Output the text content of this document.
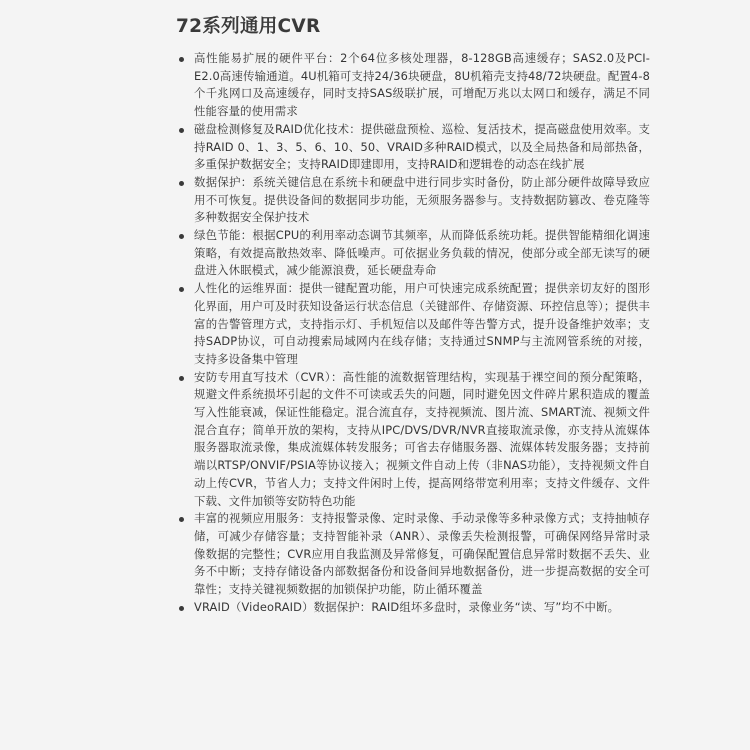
72系列通用CVR
高性能易扩展的硬件平台：2个64位多核处理器，8-128GB高速缓存；SAS2.0及PCI-E2.0高速传输通道。4U机箱可支持24/36块硬盘，8U机箱壳支持48/72块硬盘。配置4-8个千兆网口及高速缓存，同时支持SAS级联扩展，可增配万兆以太网口和缓存，满足不同性能容量的使用需求
磁盘检测修复及RAID优化技术：提供磁盘预检、巡检、复活技术，提高磁盘使用效率。支持RAID 0、1、3、5、6、10、50、VRAID多种RAID模式，以及全局热备和局部热备，多重保护数据安全；支持RAID即建即用，支持RAID和逻辑卷的动态在线扩展
数据保护：系统关键信息在系统卡和硬盘中进行同步实时备份，防止部分硬件故障导致应用不可恢复。提供设备间的数据同步功能，无须服务器参与。支持数据防篡改、卷克隆等多种数据安全保护技术
绿色节能：根据CPU的利用率动态调节其频率，从而降低系统功耗。提供智能精细化调速策略，有效提高散热效率、降低噪声。可依据业务负载的情况，使部分或全部无读写的硬盘进入休眠模式，减少能源浪费，延长硬盘寿命
人性化的运维界面：提供一键配置功能，用户可快速完成系统配置；提供亲切友好的图形化界面，用户可及时获知设备运行状态信息（关键部件、存储资源、环控信息等）；提供丰富的告警管理方式，支持指示灯、手机短信以及邮件等告警方式，提升设备维护效率；支持SADP协议，可自动搜索局域网内在线存储；支持通过SNMP与主流网管系统的对接，支持多设备集中管理
安防专用直写技术（CVR）：高性能的流数据管理结构，实现基于裸空间的预分配策略，规避文件系统损坏引起的文件不可读或丢失的问题，同时避免因文件碎片累积造成的覆盖写入性能衰减，保证性能稳定。混合流直存，支持视频流、图片流、SMART流、视频文件混合直存；简单开放的架构，支持从IPC/DVS/DVR/NVR直接取流录像，亦支持从流媒体服务器取流录像，集成流媒体转发服务；可省去存储服务器、流媒体转发服务器；支持前端以RTSP/ONVIF/PSIA等协议接入；视频文件自动上传（非NAS功能），支持视频文件自动上传CVR，节省人力；支持文件闲时上传，提高网络带宽利用率；支持文件缓存、文件下载、文件加锁等安防特色功能
丰富的视频应用服务：支持报警录像、定时录像、手动录像等多种录像方式；支持抽帧存储，可减少存储容量；支持智能补录（ANR）、录像丢失检测报警，可确保网络异常时录像数据的完整性；CVR应用自我监测及异常修复，可确保配置信息异常时数据不丢失、业务不中断；支持存储设备内部数据备份和设备间异地数据备份，进一步提高数据的安全可靠性；支持关键视频数据的加锁保护功能，防止循环覆盖
VRAID（VideoRAID）数据保护：RAID组坏多盘时，录像业务“读、写”均不中断。
